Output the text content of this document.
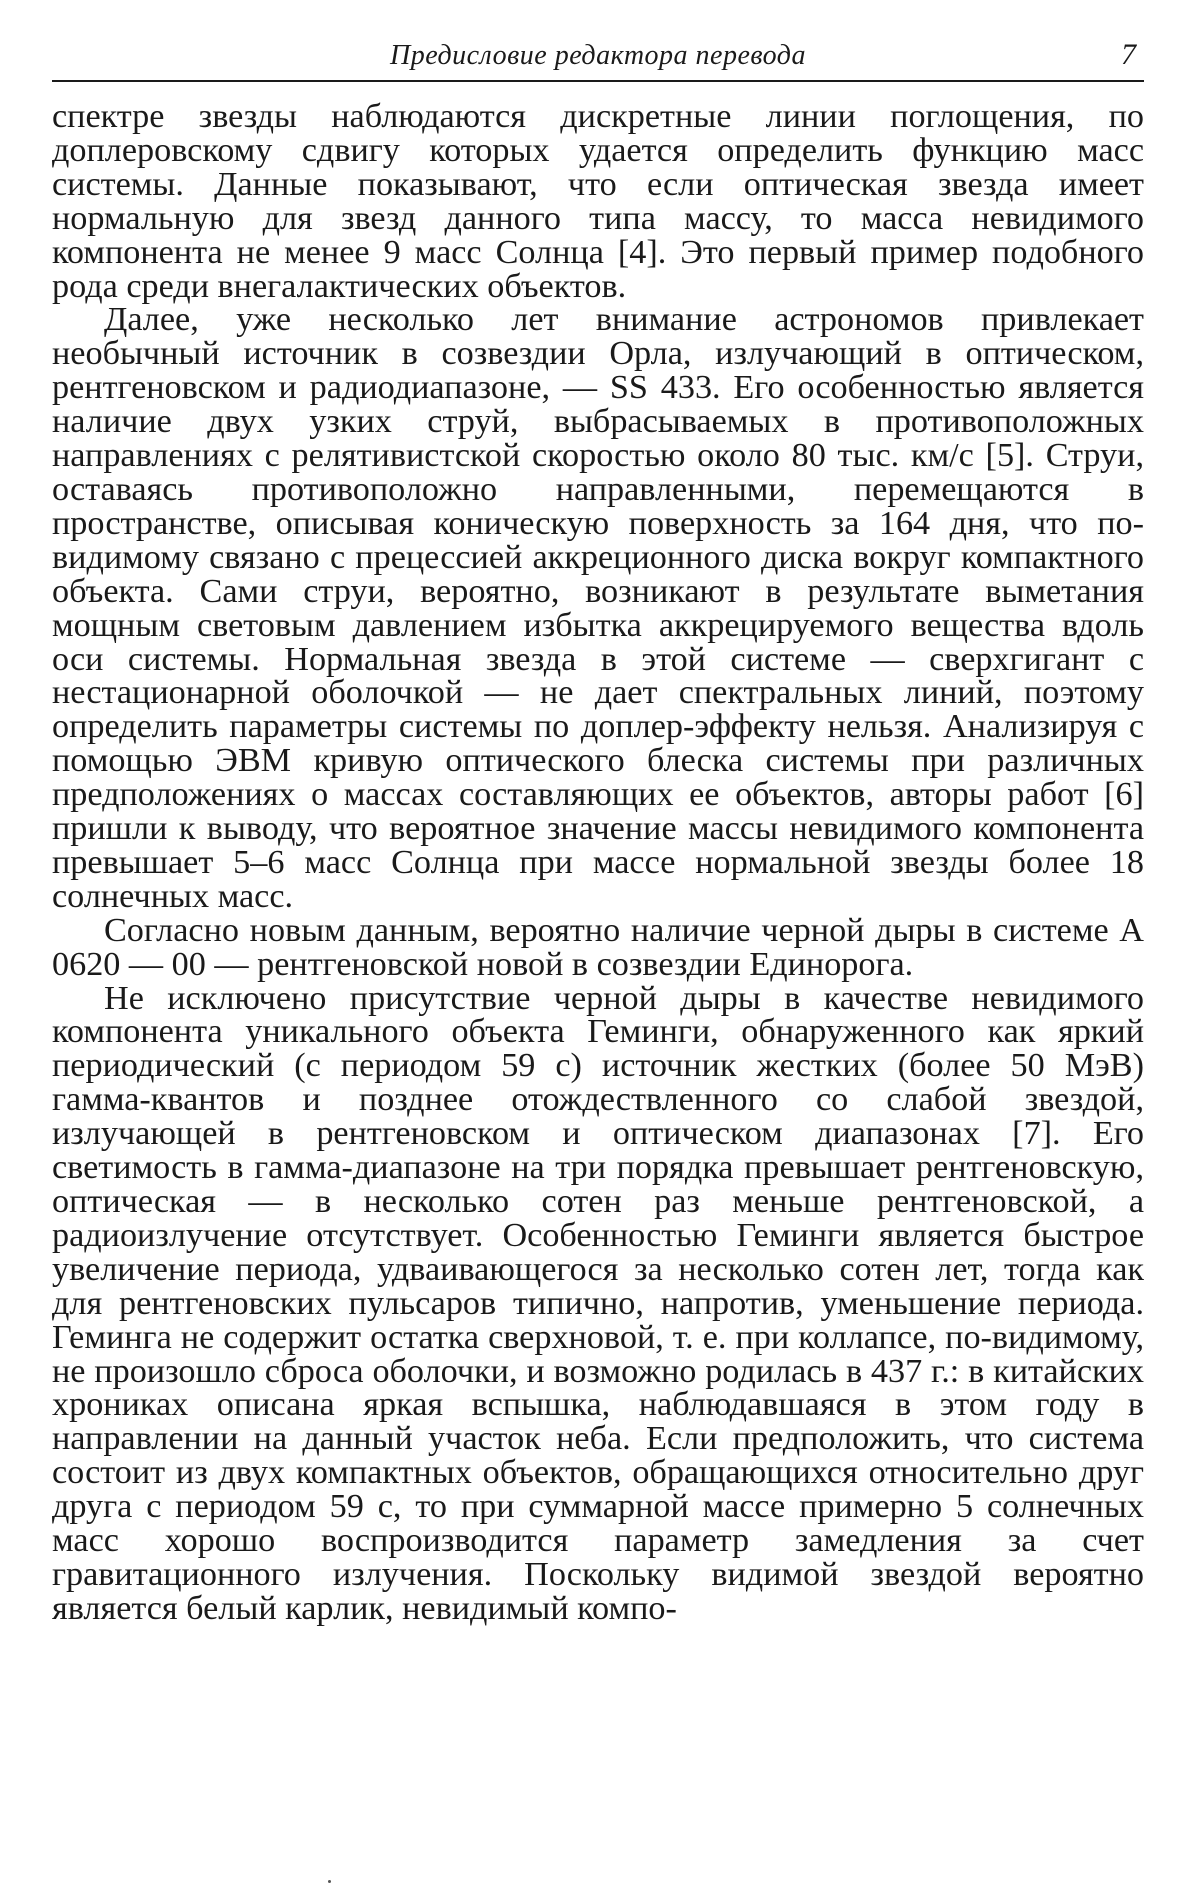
Предисловие редактора перевода	7

спектре звезды наблюдаются дискретные линии поглощения, по доплеровскому сдвигу которых удается определить функцию масс системы. Данные показывают, что если оптическая звезда имеет нормальную для звезд данного типа массу, то масса невидимого компонента не менее 9 масс Солнца [4]. Это первый пример подобного рода среди внегалактических объектов.

Далее, уже несколько лет внимание астрономов привлекает необычный источник в созвездии Орла, излучающий в оптическом, рентгеновском и радиодиапазоне, — SS 433. Его особенностью является наличие двух узких струй, выбрасываемых в противоположных направлениях с релятивистской скоростью около 80 тыс. км/с [5]. Струи, оставаясь противоположно направленными, перемещаются в пространстве, описывая коническую поверхность за 164 дня, что по-видимому связано с прецессией аккреционного диска вокруг компактного объекта. Сами струи, вероятно, возникают в результате выметания мощным световым давлением избытка аккрецируемого вещества вдоль оси системы. Нормальная звезда в этой системе — сверхгигант с нестационарной оболочкой — не дает спектральных линий, поэтому определить параметры системы по доплер-эффекту нельзя. Анализируя с помощью ЭВМ кривую оптического блеска системы при различных предположениях о массах составляющих ее объектов, авторы работ [6] пришли к выводу, что вероятное значение массы невидимого компонента превышает 5–6 масс Солнца при массе нормальной звезды более 18 солнечных масс.

Согласно новым данным, вероятно наличие черной дыры в системе A 0620 — 00 — рентгеновской новой в созвездии Единорога.

Не исключено присутствие черной дыры в качестве невидимого компонента уникального объекта Геминги, обнаруженного как яркий периодический (с периодом 59 с) источник жестких (более 50 МэВ) гамма-квантов и позднее отождествленного со слабой звездой, излучающей в рентгеновском и оптическом диапазонах [7]. Его светимость в гамма-диапазоне на три порядка превышает рентгеновскую, оптическая — в несколько сотен раз меньше рентгеновской, а радиоизлучение отсутствует. Особенностью Геминги является быстрое увеличение периода, удваивающегося за несколько сотен лет, тогда как для рентгеновских пульсаров типично, напротив, уменьшение периода. Геминга не содержит остатка сверхновой, т. е. при коллапсе, по-видимому, не произошло сброса оболочки, и возможно родилась в 437 г.: в китайских хрониках описана яркая вспышка, наблюдавшаяся в этом году в направлении на данный участок неба. Если предположить, что система состоит из двух компактных объектов, обращающихся относительно друг друга с периодом 59 с, то при суммарной массе примерно 5 солнечных масс хорошо воспроизводится параметр замедления за счет гравитационного излучения. Поскольку видимой звездой вероятно является белый карлик, невидимый компо-
